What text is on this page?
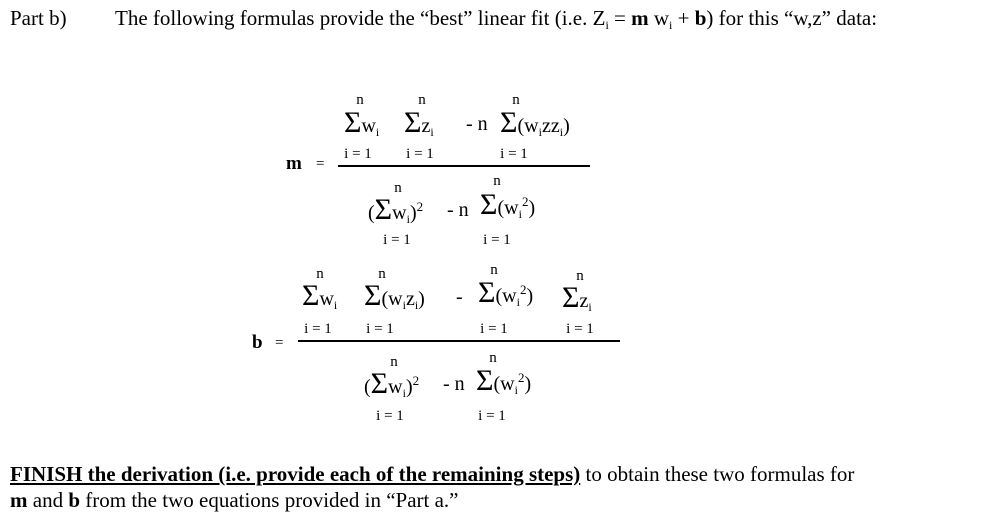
Part b) The following formulas provide the “best” linear fit (i.e. $Z_i = m$ $w_i + b$) for this “w,z” data:
m =
n	n	n
$\Sigma w_i$ $\Sigma z_i$ - n $\Sigma(w_izz_i)$
i = 1 i = 1	i = 1
n	n
$(\Sigma w_i)^2$ - n $\Sigma(w_i^2)$
i = 1	i = 1
b =
n	n	n	n
$\Sigma w_i$ $\Sigma(w_iz_i) - \Sigma(w_i^2)$ $\Sigma z_i$
i = 1 i = 1	i = 1	i = 1
n	n
$(\Sigma w_i)^2$ - n $\Sigma(w_i^2)$
i = 1	i = 1
FINISH the derivation (i.e. provide each of the remaining steps) to obtain these two formulas for
m and b from the two equations provided in “Part a.”
